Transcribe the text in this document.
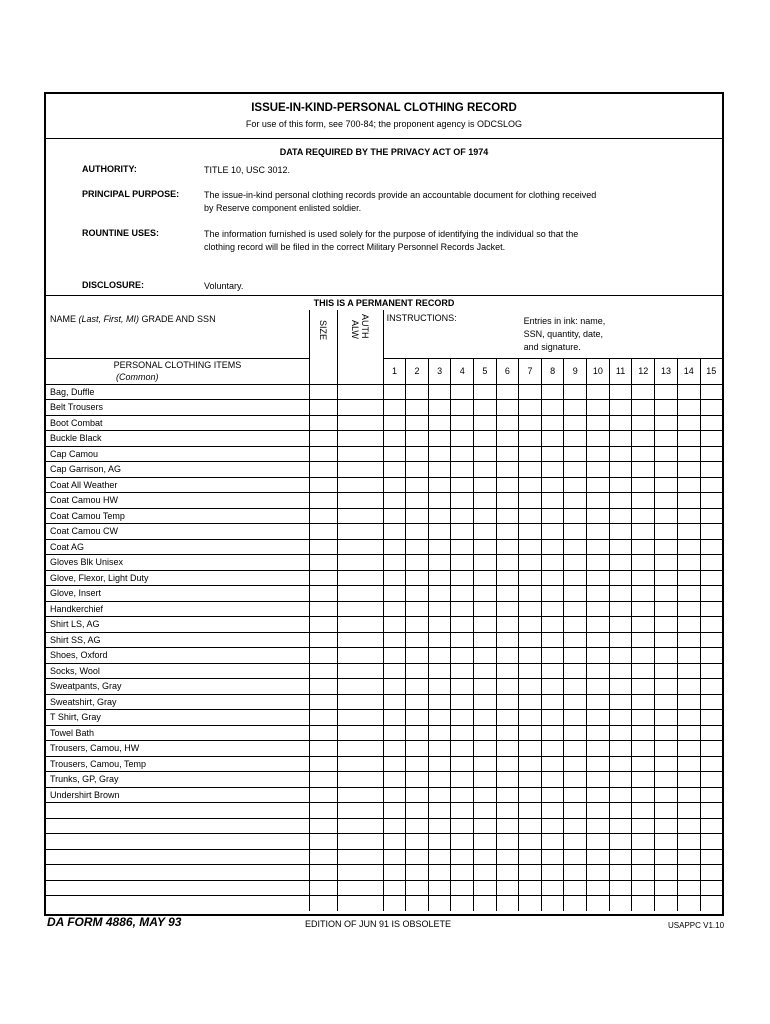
ISSUE-IN-KIND-PERSONAL CLOTHING RECORD
For use of this form, see 700-84; the proponent agency is ODCSLOG
DATA REQUIRED BY THE PRIVACY ACT OF 1974
AUTHORITY:	TITLE 10, USC 3012.
PRINCIPAL PURPOSE:	The issue-in-kind personal clothing records provide an accountable document for clothing received by Reserve component enlisted soldier.
ROUNTINE USES:	The information furnished is used solely for the purpose of identifying the individual so that the clothing record will be filed in the correct Military Personnel Records Jacket.
DISCLOSURE:	Voluntary.
THIS IS A PERMANENT RECORD
NAME (Last, First, MI) GRADE AND SSN	SIZE	ALWAUTH	INSTRUCTIONS: Entries in ink: name,
SSN, quantity, date,
and signature.														

PERSONAL CLOTHING ITEMS
(Common)			1	2	3	4	5	6	7	8	9	10	11	12	13	14	15
Bag, Duffle																	
Belt Trousers																	
Boot Combat																	
Buckle Black																	
Cap Camou																	
Cap Garrison, AG																	
Coat All Weather																	
Coat Camou HW																	
Coat Camou Temp																	
Coat Camou CW																	
Coat AG																	
Gloves Blk Unisex																	
Glove, Flexor, Light Duty																	
Glove, Insert																	
Handkerchief																	
Shirt LS, AG																	
Shirt SS, AG																	
Shoes, Oxford																	
Socks, Wool																	
Sweatpants, Gray																	
Sweatshirt, Gray																	
T Shirt, Gray																	
Towel Bath																	
Trousers, Camou, HW																	
Trousers, Camou, Temp																	
Trunks, GP, Gray																	
Undershirt Brown																	

DA FORM 4886, MAY 93	EDITION OF JUN 91 IS OBSOLETE	USAPPC V1.10
